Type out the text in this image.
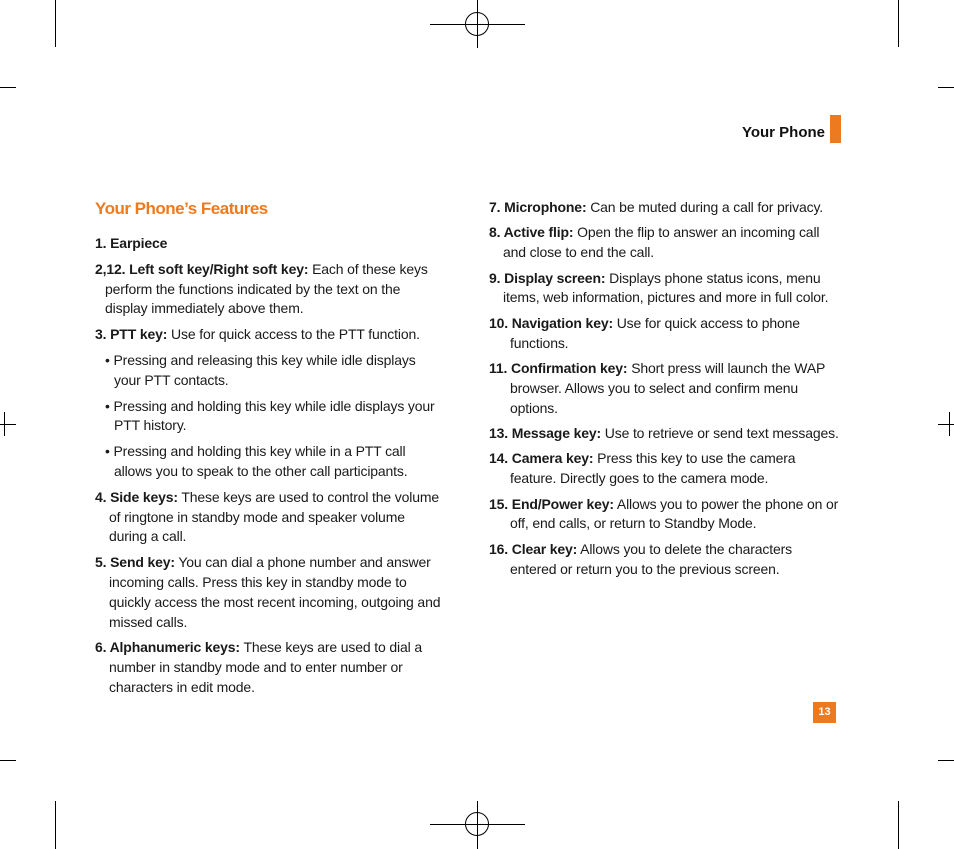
Your Phone
Your Phone’s Features
1. Earpiece
2,12. Left soft key/Right soft key: Each of these keys perform the functions indicated by the text on the display immediately above them.
3. PTT key: Use for quick access to the PTT function.
• Pressing and releasing this key while idle displays your PTT contacts.
• Pressing and holding this key while idle displays your PTT history.
• Pressing and holding this key while in a PTT call allows you to speak to the other call participants.
4. Side keys: These keys are used to control the volume of ringtone in standby mode and speaker volume during a call.
5. Send key: You can dial a phone number and answer incoming calls. Press this key in standby mode to quickly access the most recent incoming, outgoing and missed calls.
6. Alphanumeric keys: These keys are used to dial a number in standby mode and to enter number or characters in edit mode.
7. Microphone: Can be muted during a call for privacy.
8. Active flip: Open the flip to answer an incoming call and close to end the call.
9. Display screen: Displays phone status icons, menu items, web information, pictures and more in full color.
10. Navigation key: Use for quick access to phone functions.
11. Confirmation key: Short press will launch the WAP browser. Allows you to select and confirm menu options.
13. Message key: Use to retrieve or send text messages.
14. Camera key: Press this key to use the camera feature. Directly goes to the camera mode.
15. End/Power key: Allows you to power the phone on or off, end calls, or return to Standby Mode.
16. Clear key: Allows you to delete the characters entered or return you to the previous screen.
13
